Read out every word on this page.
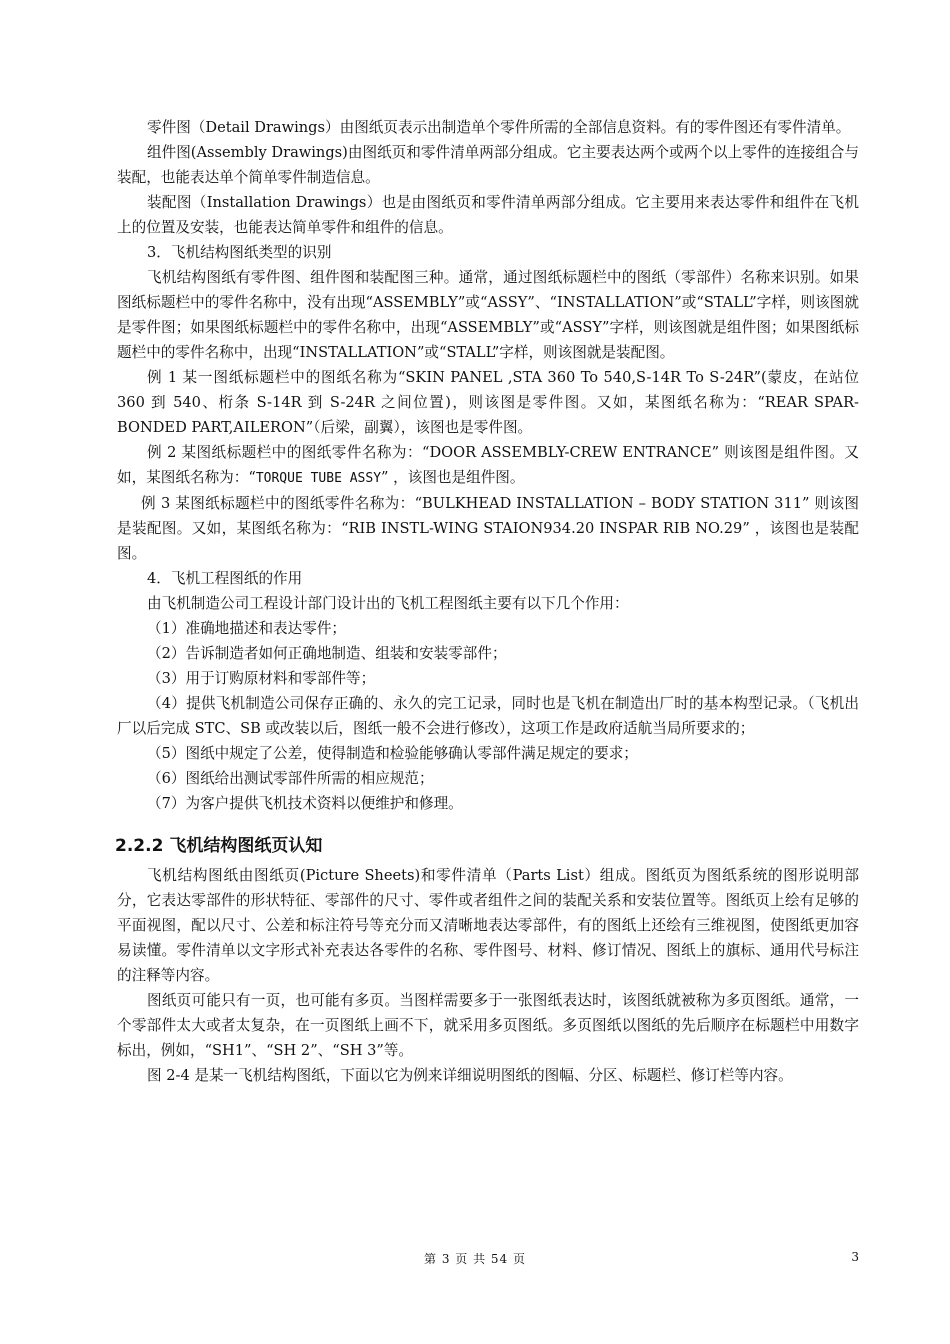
零件图（Detail Drawings）由图纸页表示出制造单个零件所需的全部信息资料。有的零件图还有零件清单。

组件图(Assembly Drawings)由图纸页和零件清单两部分组成。它主要表达两个或两个以上零件的连接组合与装配，也能表达单个简单零件制造信息。

装配图（Installation Drawings）也是由图纸页和零件清单两部分组成。它主要用来表达零件和组件在飞机上的位置及安装，也能表达简单零件和组件的信息。

3．飞机结构图纸类型的识别

飞机结构图纸有零件图、组件图和装配图三种。通常，通过图纸标题栏中的图纸（零部件）名称来识别。如果图纸标题栏中的零件名称中，没有出现“ASSEMBLY”或“ASSY”、“INSTALLATION”或“STALL”字样，则该图就是零件图；如果图纸标题栏中的零件名称中，出现“ASSEMBLY”或“ASSY”字样，则该图就是组件图；如果图纸标题栏中的零件名称中，出现“INSTALLATION”或“STALL”字样，则该图就是装配图。

例 1 某一图纸标题栏中的图纸名称为“SKIN PANEL ,STA 360 To 540,S-14R To S-24R”(蒙皮，在站位 360 到 540、桁条 S-14R 到 S-24R 之间位置)，则该图是零件图。又如，某图纸名称为：“REAR SPAR-BONDED PART,AILERON”（后梁，副翼），该图也是零件图。

例 2 某图纸标题栏中的图纸零件名称为：“DOOR ASSEMBLY-CREW ENTRANCE” 则该图是组件图。又如，某图纸名称为：“TORQUE TUBE ASSY” ，该图也是组件图。

例 3 某图纸标题栏中的图纸零件名称为：“BULKHEAD INSTALLATION – BODY STATION 311” 则该图是装配图。又如，某图纸名称为：“RIB INSTL-WING STAION934.20 INSPAR RIB NO.29” ，该图也是装配图。

4．飞机工程图纸的作用

由飞机制造公司工程设计部门设计出的飞机工程图纸主要有以下几个作用：

（1）准确地描述和表达零件；

（2）告诉制造者如何正确地制造、组装和安装零部件；

（3）用于订购原材料和零部件等；

（4）提供飞机制造公司保存正确的、永久的完工记录，同时也是飞机在制造出厂时的基本构型记录。（飞机出厂以后完成 STC、SB 或改装以后，图纸一般不会进行修改），这项工作是政府适航当局所要求的；

（5）图纸中规定了公差，使得制造和检验能够确认零部件满足规定的要求；

（6）图纸给出测试零部件所需的相应规范；

（7）为客户提供飞机技术资料以便维护和修理。

2.2.2 飞机结构图纸页认知

飞机结构图纸由图纸页(Picture Sheets)和零件清单（Parts List）组成。图纸页为图纸系统的图形说明部分，它表达零部件的形状特征、零部件的尺寸、零件或者组件之间的装配关系和安装位置等。图纸页上绘有足够的平面视图，配以尺寸、公差和标注符号等充分而又清晰地表达零部件，有的图纸上还绘有三维视图，使图纸更加容易读懂。零件清单以文字形式补充表达各零件的名称、零件图号、材料、修订情况、图纸上的旗标、通用代号标注的注释等内容。

图纸页可能只有一页，也可能有多页。当图样需要多于一张图纸表达时，该图纸就被称为多页图纸。通常，一个零部件太大或者太复杂，在一页图纸上画不下，就采用多页图纸。多页图纸以图纸的先后顺序在标题栏中用数字标出，例如，“SH1”、“SH 2”、“SH 3”等。

图 2-4 是某一飞机结构图纸，下面以它为例来详细说明图纸的图幅、分区、标题栏、修订栏等内容。

第 3 页 共 54 页	3
